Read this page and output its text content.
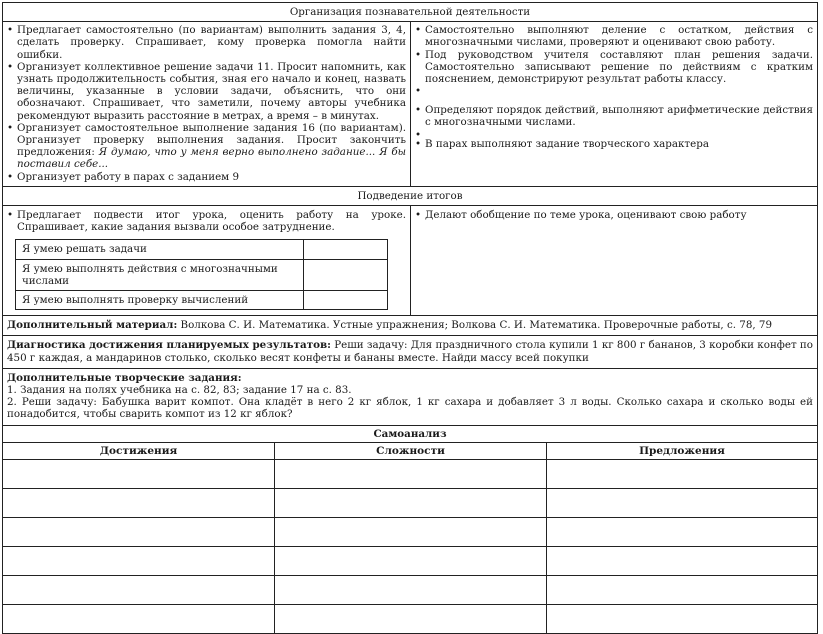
Организация познавательной деятельности

• Предлагает самостоятельно (по вариантам) выполнить задания 3, 4, сделать проверку. Спрашивает, кому проверка помогла найти ошибки.
• Организует коллективное решение задачи 11. Просит напомнить, как узнать продолжительность события, зная его начало и конец, назвать величины, указанные в условии задачи, объяснить, что они обозначают. Спрашивает, что заметили, почему авторы учебника рекомендуют выразить расстояние в метрах, а время – в минутах.
• Организует самостоятельное выполнение задания 16 (по вариантам). Организует проверку выполнения задания. Просит закончить предложения: Я думаю, что у меня верно выполнено задание... Я бы поставил себе...
• Организует работу в парах с заданием 9

• Самостоятельно выполняют деление с остатком, действия с многозначными числами, проверяют и оценивают свою работу.
• Под руководством учителя составляют план решения задачи. Самостоятельно записывают решение по действиям с кратким пояснением, демонстрируют результат работы классу.
•
• Определяют порядок действий, выполняют арифметические действия с многозначными числами.
•
• В парах выполняют задание творческого характера

Подведение итогов

• Предлагает подвести итог урока, оценить работу на уроке. Спрашивает, какие задания вызвали особое затруднение.
Я умею решать задачи	
Я умею выполнять действия с многозначными числами	
Я умею выполнять проверку вычислений	

• Делают обобщение по теме урока, оценивают свою работу

Дополнительный материал: Волкова С. И. Математика. Устные упражнения; Волкова С. И. Математика. Проверочные работы, с. 78, 79
Диагностика достижения планируемых результатов: Реши задачу: Для праздничного стола купили 1 кг 800 г бананов, 3 коробки конфет по 450 г каждая, а мандаринов столько, сколько весят конфеты и бананы вместе. Найди массу всей покупки

Дополнительные творческие задания:
1. Задания на полях учебника на с. 82, 83; задание 17 на с. 83.
2. Реши задачу: Бабушка варит компот. Она кладёт в него 2 кг яблок, 1 кг сахара и добавляет 3 л воды. Сколько сахара и сколько воды ей понадобится, чтобы сварить компот из 12 кг яблок?

Самоанализ
Достижения	Сложности	Предложения
